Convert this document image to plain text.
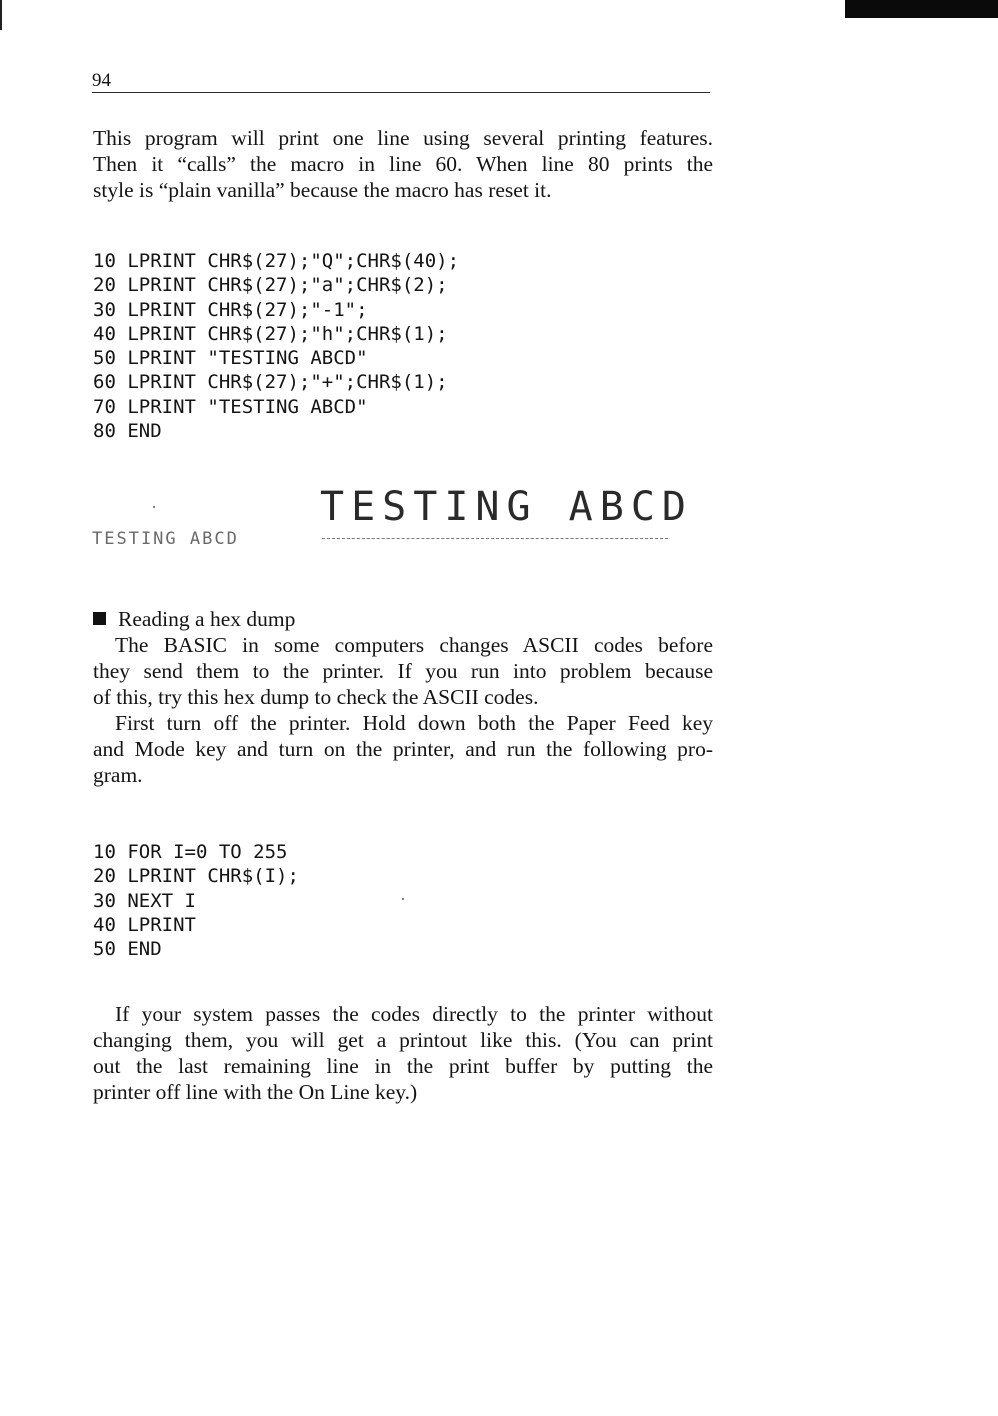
94
This program will print one line using several printing features.
Then it “calls” the macro in line 60. When line 80 prints the
style is “plain vanilla” because the macro has reset it.
10 LPRINT CHR$(27);"Q";CHR$(40);
20 LPRINT CHR$(27);"a";CHR$(2);
30 LPRINT CHR$(27);"-1";
40 LPRINT CHR$(27);"h";CHR$(1);
50 LPRINT "TESTING ABCD"
60 LPRINT CHR$(27);"+";CHR$(1);
70 LPRINT "TESTING ABCD"
80 END
TESTING ABCD
TESTING ABCD
Reading a hex dump
The BASIC in some computers changes ASCII codes before
they send them to the printer. If you run into problem because
of this, try this hex dump to check the ASCII codes.
First turn off the printer. Hold down both the Paper Feed key
and Mode key and turn on the printer, and run the following pro-
gram.
10 FOR I=0 TO 255
20 LPRINT CHR$(I);
30 NEXT I
40 LPRINT
50 END
If your system passes the codes directly to the printer without
changing them, you will get a printout like this. (You can print
out the last remaining line in the print buffer by putting the
printer off line with the On Line key.)
